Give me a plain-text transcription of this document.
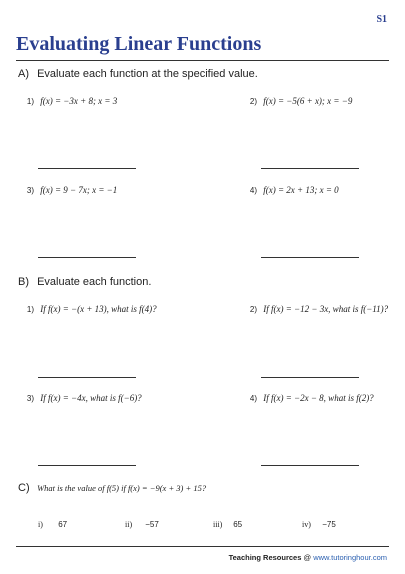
S1
Evaluating Linear Functions
A) Evaluate each function at the specified value.
1) f(x) = −3x + 8; x = 3	2) f(x) = −5(6 + x); x = −9
3) f(x) = 9 − 7x; x = −1	4) f(x) = 2x + 13; x = 0
B) Evaluate each function.
1) If f(x) = −(x + 13), what is f(4)?	2) If f(x) = −12 − 3x, what is f(−11)?
3) If f(x) = −4x, what is f(−6)?	4) If f(x) = −2x − 8, what is f(2)?
C) What is the value of f(5) if f(x) = −9(x + 3) + 15?
i) 67	ii) −57	iii) 65	iv) −75
Teaching Resources @ www.tutoringhour.com
